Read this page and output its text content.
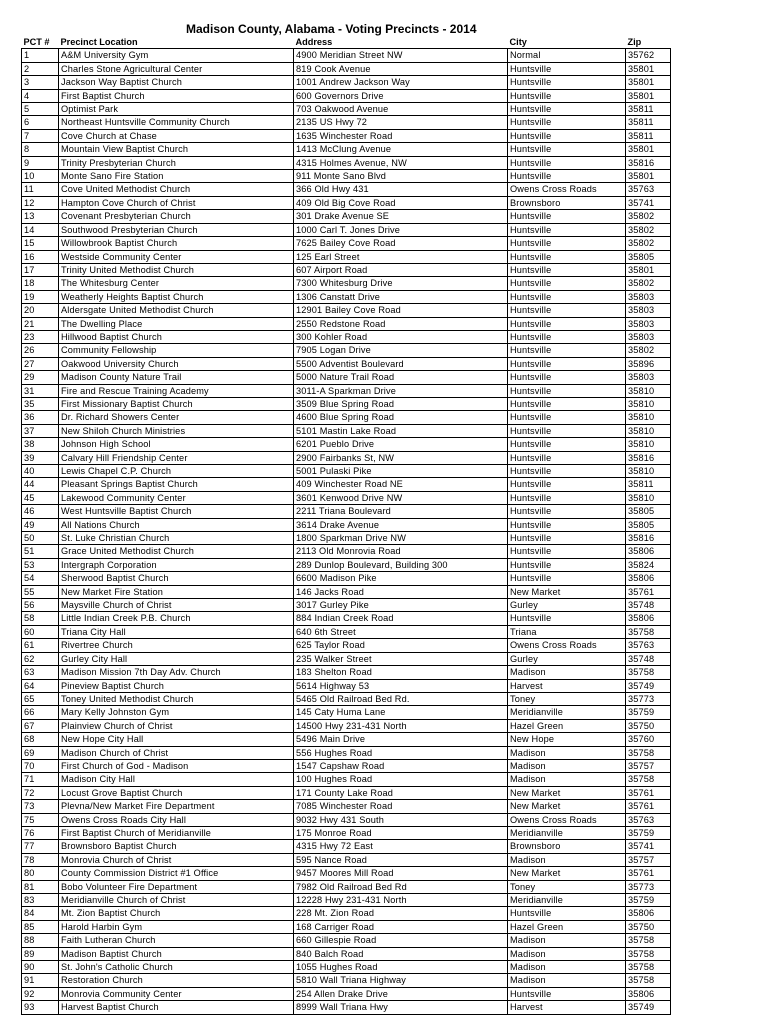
Madison County, Alabama - Voting Precincts - 2014
PCT #	Precinct Location	Address	City	Zip
1	A&M University Gym	4900 Meridian Street NW	Normal	35762
2	Charles Stone Agricultural Center	819 Cook Avenue	Huntsville	35801
3	Jackson Way Baptist Church	1001 Andrew Jackson Way	Huntsville	35801
4	First Baptist Church	600 Governors Drive	Huntsville	35801
5	Optimist Park	703 Oakwood Avenue	Huntsville	35811
6	Northeast Huntsville Community Church	2135 US Hwy 72	Huntsville	35811
7	Cove Church at Chase	1635 Winchester Road	Huntsville	35811
8	Mountain View Baptist Church	1413 McClung Avenue	Huntsville	35801
9	Trinity Presbyterian Church	4315 Holmes Avenue, NW	Huntsville	35816
10	Monte Sano Fire Station	911 Monte Sano Blvd	Huntsville	35801
11	Cove United Methodist Church	366 Old Hwy 431	Owens Cross Roads	35763
12	Hampton Cove Church of Christ	409 Old Big Cove Road	Brownsboro	35741
13	Covenant Presbyterian Church	301 Drake Avenue SE	Huntsville	35802
14	Southwood Presbyterian Church	1000 Carl T. Jones Drive	Huntsville	35802
15	Willowbrook Baptist Church	7625 Bailey Cove Road	Huntsville	35802
16	Westside Community Center	125 Earl Street	Huntsville	35805
17	Trinity United Methodist Church	607 Airport Road	Huntsville	35801
18	The Whitesburg Center	7300 Whitesburg Drive	Huntsville	35802
19	Weatherly Heights Baptist Church	1306 Canstatt Drive	Huntsville	35803
20	Aldersgate United Methodist Church	12901 Bailey Cove Road	Huntsville	35803
21	The Dwelling Place	2550 Redstone Road	Huntsville	35803
23	Hillwood Baptist Church	300 Kohler Road	Huntsville	35803
26	Community Fellowship	7905 Logan Drive	Huntsville	35802
27	Oakwood University Church	5500 Adventist Boulevard	Huntsville	35896
29	Madison County Nature Trail	5000 Nature Trail Road	Huntsville	35803
31	Fire and Rescue Training Academy	3011-A Sparkman Drive	Huntsville	35810
35	First Missionary Baptist Church	3509 Blue Spring Road	Huntsville	35810
36	Dr. Richard Showers Center	4600 Blue Spring Road	Huntsville	35810
37	New Shiloh Church Ministries	5101 Mastin Lake Road	Huntsville	35810
38	Johnson High School	6201 Pueblo Drive	Huntsville	35810
39	Calvary Hill Friendship Center	2900 Fairbanks St, NW	Huntsville	35816
40	Lewis Chapel C.P. Church	5001 Pulaski Pike	Huntsville	35810
44	Pleasant Springs Baptist Church	409 Winchester Road NE	Huntsville	35811
45	Lakewood Community Center	3601 Kenwood Drive NW	Huntsville	35810
46	West Huntsville Baptist Church	2211 Triana Boulevard	Huntsville	35805
49	All Nations Church	3614 Drake Avenue	Huntsville	35805
50	St. Luke Christian Church	1800 Sparkman Drive NW	Huntsville	35816
51	Grace United Methodist Church	2113 Old Monrovia Road	Huntsville	35806
53	Intergraph Corporation	289 Dunlop Boulevard, Building 300	Huntsville	35824
54	Sherwood Baptist Church	6600 Madison Pike	Huntsville	35806
55	New Market Fire Station	146 Jacks Road	New Market	35761
56	Maysville Church of Christ	3017 Gurley Pike	Gurley	35748
58	Little Indian Creek P.B. Church	884 Indian Creek Road	Huntsville	35806
60	Triana City Hall	640 6th Street	Triana	35758
61	Rivertree Church	625 Taylor Road	Owens Cross Roads	35763
62	Gurley City Hall	235 Walker Street	Gurley	35748
63	Madison Mission 7th Day Adv. Church	183 Shelton Road	Madison	35758
64	Pineview Baptist Church	5614 Highway 53	Harvest	35749
65	Toney United Methodist Church	5465 Old Railroad Bed Rd.	Toney	35773
66	Mary Kelly Johnston Gym	145 Caty Huma Lane	Meridianville	35759
67	Plainview Church of Christ	14500 Hwy 231-431 North	Hazel Green	35750
68	New Hope City Hall	5496 Main Drive	New Hope	35760
69	Madison Church of Christ	556 Hughes Road	Madison	35758
70	First Church of God - Madison	1547 Capshaw Road	Madison	35757
71	Madison City Hall	100 Hughes Road	Madison	35758
72	Locust Grove Baptist Church	171 County Lake Road	New Market	35761
73	Plevna/New Market Fire Department	7085 Winchester Road	New Market	35761
75	Owens Cross Roads City Hall	9032 Hwy 431 South	Owens Cross Roads	35763
76	First Baptist Church of Meridianville	175 Monroe Road	Meridianville	35759
77	Brownsboro Baptist Church	4315 Hwy 72 East	Brownsboro	35741
78	Monrovia Church of Christ	595 Nance Road	Madison	35757
80	County Commission District #1 Office	9457 Moores Mill Road	New Market	35761
81	Bobo Volunteer Fire Department	7982 Old Railroad Bed Rd	Toney	35773
83	Meridianville Church of Christ	12228 Hwy 231-431 North	Meridianville	35759
84	Mt. Zion Baptist Church	228 Mt. Zion Road	Huntsville	35806
85	Harold Harbin Gym	168 Carriger Road	Hazel Green	35750
88	Faith Lutheran Church	660 Gillespie Road	Madison	35758
89	Madison Baptist Church	840 Balch Road	Madison	35758
90	St. John's Catholic Church	1055 Hughes Road	Madison	35758
91	Restoration Church	5810 Wall Triana Highway	Madison	35758
92	Monrovia Community Center	254 Allen Drake Drive	Huntsville	35806
93	Harvest Baptist Church	8999 Wall Triana Hwy	Harvest	35749
